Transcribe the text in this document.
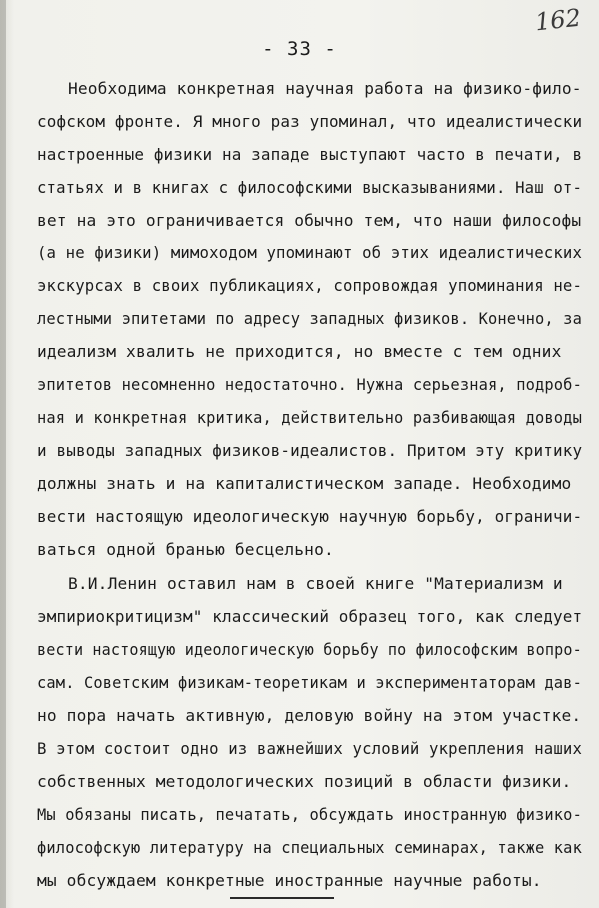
162
- 33 -
Необходима конкретная научная работа на физико-фило-
софском фронте. Я много раз упоминал, что идеалистически
настроенные физики на западе выступают часто в печати, в
статьях и в книгах с философскими высказываниями. Наш от-
вет на это ограничивается обычно тем, что наши философы
(а не физики) мимоходом упоминают об этих идеалистических
экскурсах в своих публикациях, сопровождая упоминания не-
лестными эпитетами по адресу западных физиков. Конечно, за
идеализм хвалить не приходится, но вместе с тем одних
эпитетов несомненно недостаточно. Нужна серьезная, подроб-
ная и конкретная критика, действительно разбивающая доводы
и выводы западных физиков-идеалистов. Притом эту критику
должны знать и на капиталистическом западе. Необходимо
вести настоящую идеологическую научную борьбу, ограничи-
ваться одной бранью бесцельно.
В.И.Ленин оставил нам в своей книге "Материализм и
эмпириокритицизм" классический образец того, как следует
вести настоящую идеологическую борьбу по философским вопро-
сам. Советским физикам-теоретикам и экспериментаторам дав-
но пора начать активную, деловую войну на этом участке.
В этом состоит одно из важнейших условий укрепления наших
собственных методологических позиций в области физики.
Мы обязаны писать, печатать, обсуждать иностранную физико-
философскую литературу на специальных семинарах, также как
мы обсуждаем конкретные иностранные научные работы.
